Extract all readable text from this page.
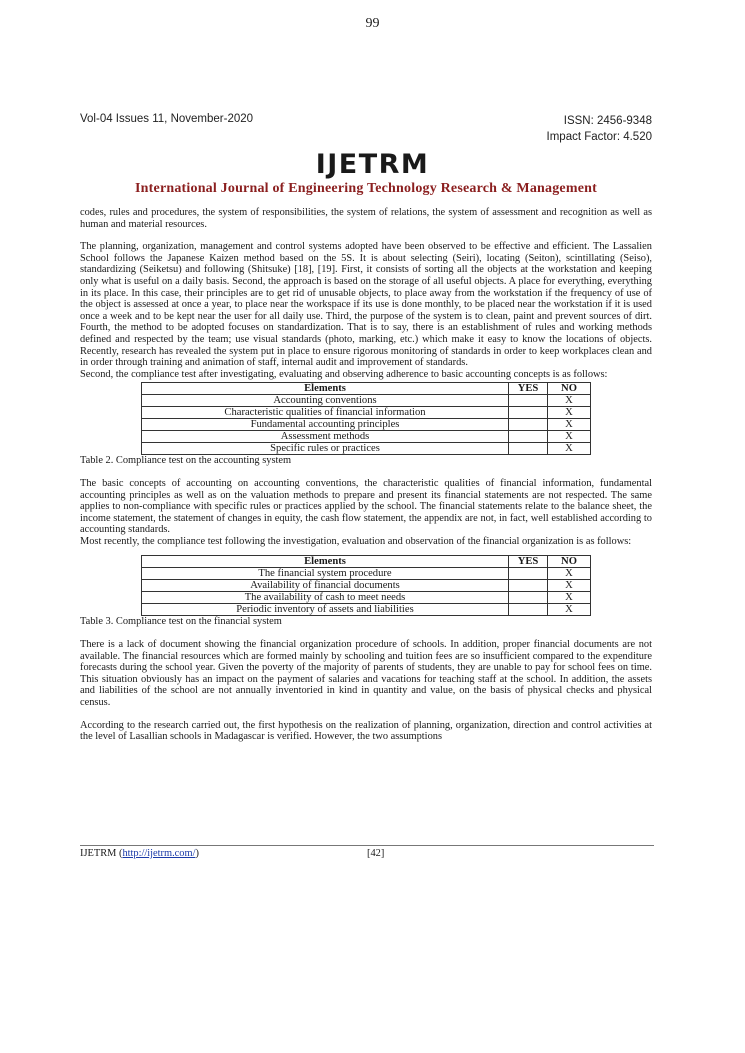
99
Vol-04 Issues 11, November-2020	ISSN: 2456-9348
Impact Factor: 4.520
IJETRM
International Journal of Engineering Technology Research & Management

codes, rules and procedures, the system of responsibilities, the system of relations, the system of assessment and recognition as well as human and material resources.

The planning, organization, management and control systems adopted have been observed to be effective and efficient. The Lassalien School follows the Japanese Kaizen method based on the 5S. It is about selecting (Seiri), locating (Seiton), scintillating (Seiso), standardizing (Seiketsu) and following (Shitsuke) [18], [19]. First, it consists of sorting all the objects at the workstation and keeping only what is useful on a daily basis. Second, the approach is based on the storage of all useful objects. A place for everything, everything in its place. In this case, their principles are to get rid of unusable objects, to place away from the workstation if the frequency of use of the object is assessed at once a year, to place near the workspace if its use is done monthly, to be placed near the workstation if it is used once a week and to be kept near the user for all daily use. Third, the purpose of the system is to clean, paint and prevent sources of dirt. Fourth, the method to be adopted focuses on standardization. That is to say, there is an establishment of rules and working methods defined and respected by the team; use visual standards (photo, marking, etc.) which make it easy to know the locations of objects. Recently, research has revealed the system put in place to ensure rigorous monitoring of standards in order to keep workplaces clean and in order through training and animation of staff, internal audit and improvement of standards.

Second, the compliance test after investigating, evaluating and observing adherence to basic accounting concepts is as follows:

Elements	YES	NO
Accounting conventions		X
Characteristic qualities of financial information		X
Fundamental accounting principles		X
Assessment methods		X
Specific rules or practices		X

Table 2. Compliance test on the accounting system

The basic concepts of accounting on accounting conventions, the characteristic qualities of financial information, fundamental accounting principles as well as on the valuation methods to prepare and present its financial statements are not respected. The same applies to non-compliance with specific rules or practices applied by the school. The financial statements relate to the balance sheet, the income statement, the statement of changes in equity, the cash flow statement, the appendix are not, in fact, well established according to accounting standards.

Most recently, the compliance test following the investigation, evaluation and observation of the financial organization is as follows:

Elements	YES	NO
The financial system procedure		X
Availability of financial documents		X
The availability of cash to meet needs		X
Periodic inventory of assets and liabilities		X

Table 3. Compliance test on the financial system

There is a lack of document showing the financial organization procedure of schools. In addition, proper financial documents are not available. The financial resources which are formed mainly by schooling and tuition fees are so insufficient compared to the expenditure forecasts during the school year. Given the poverty of the majority of parents of students, they are unable to pay for school fees on time. This situation obviously has an impact on the payment of salaries and vacations for teaching staff at the school. In addition, the assets and liabilities of the school are not annually inventoried in kind in quantity and value, on the basis of physical checks and physical census.

According to the research carried out, the first hypothesis on the realization of planning, organization, direction and control activities at the level of Lasallian schools in Madagascar is verified. However, the two assumptions

IJETRM (http://ijetrm.com/)	[42]
